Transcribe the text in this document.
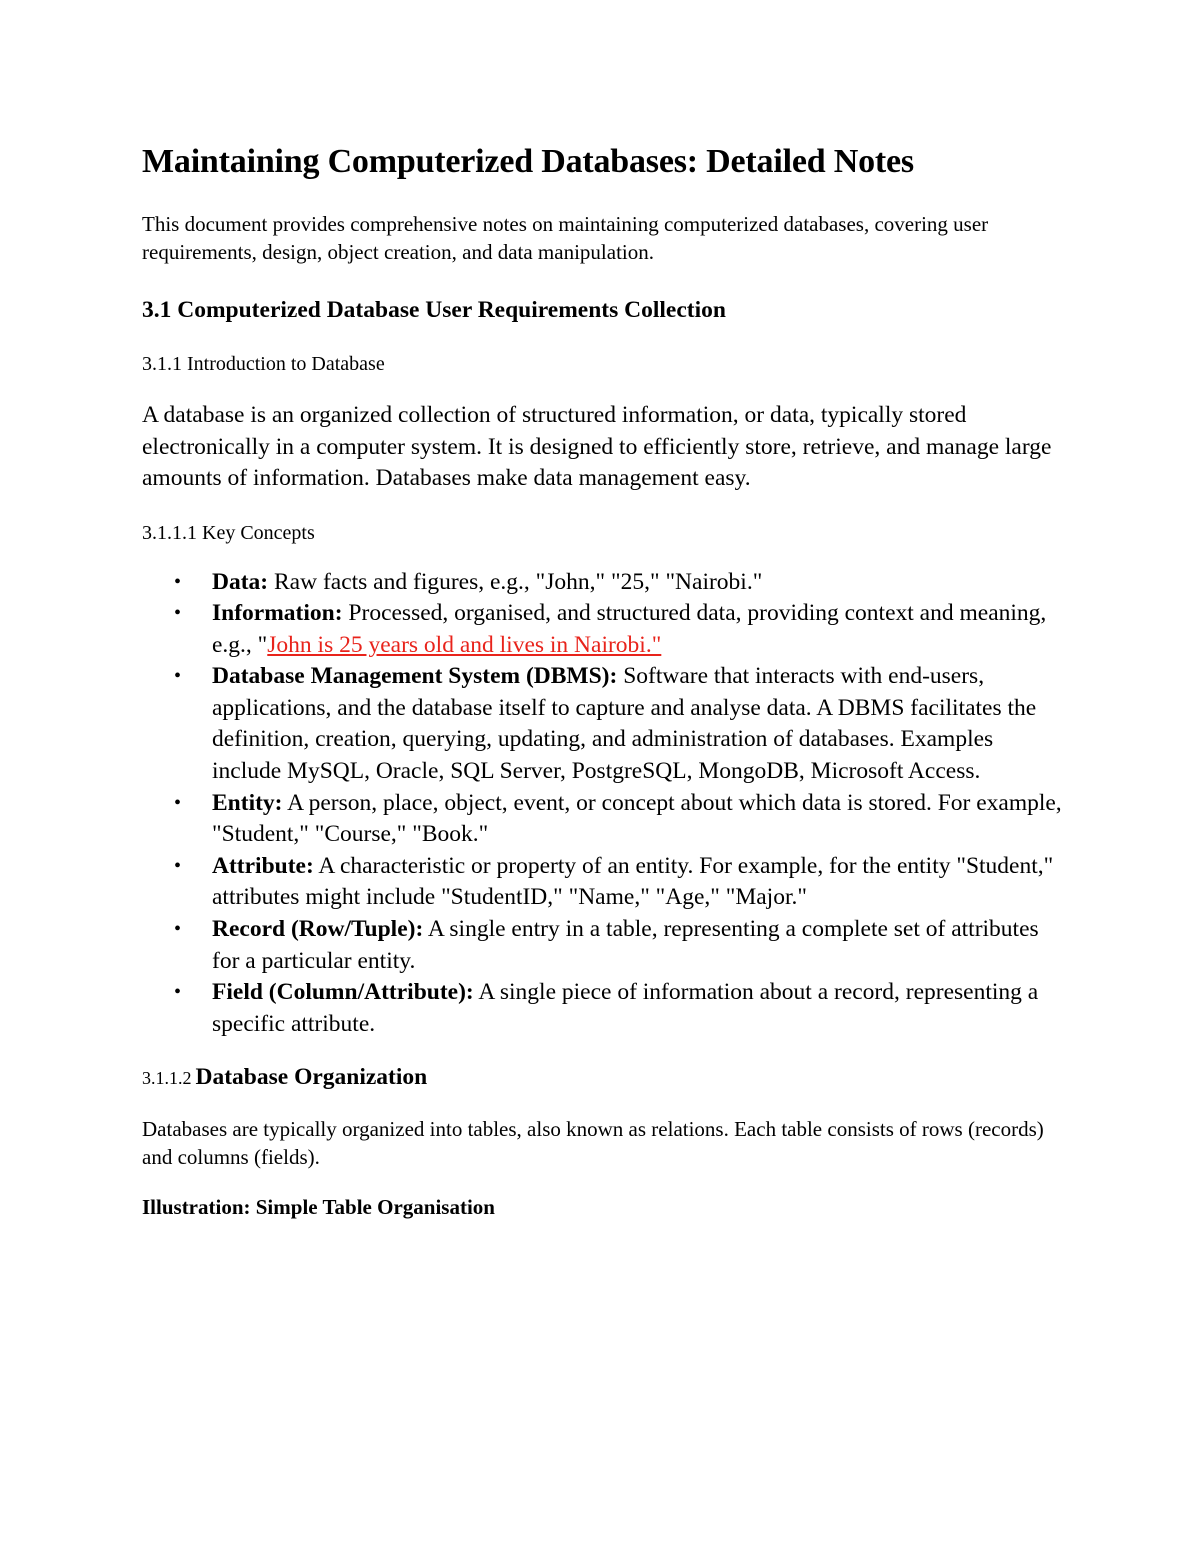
Maintaining Computerized Databases: Detailed Notes

This document provides comprehensive notes on maintaining computerized databases, covering user requirements, design, object creation, and data manipulation.

3.1 Computerized Database User Requirements Collection
3.1.1 Introduction to Database

A database is an organized collection of structured information, or data, typically stored electronically in a computer system. It is designed to efficiently store, retrieve, and manage large amounts of information. Databases make data management easy.

3.1.1.1 Key Concepts
• Data: Raw facts and figures, e.g., "John," "25," "Nairobi."
• Information: Processed, organised, and structured data, providing context and meaning, e.g., "John is 25 years old and lives in Nairobi."
• Database Management System (DBMS): Software that interacts with end-users, applications, and the database itself to capture and analyse data. A DBMS facilitates the definition, creation, querying, updating, and administration of databases. Examples include MySQL, Oracle, SQL Server, PostgreSQL, MongoDB, Microsoft Access.
• Entity: A person, place, object, event, or concept about which data is stored. For example, "Student," "Course," "Book."
• Attribute: A characteristic or property of an entity. For example, for the entity "Student," attributes might include "StudentID," "Name," "Age," "Major."
• Record (Row/Tuple): A single entry in a table, representing a complete set of attributes for a particular entity.
• Field (Column/Attribute): A single piece of information about a record, representing a specific attribute.
3.1.1.2 Database Organization

Databases are typically organized into tables, also known as relations. Each table consists of rows (records) and columns (fields).

Illustration: Simple Table Organisation
